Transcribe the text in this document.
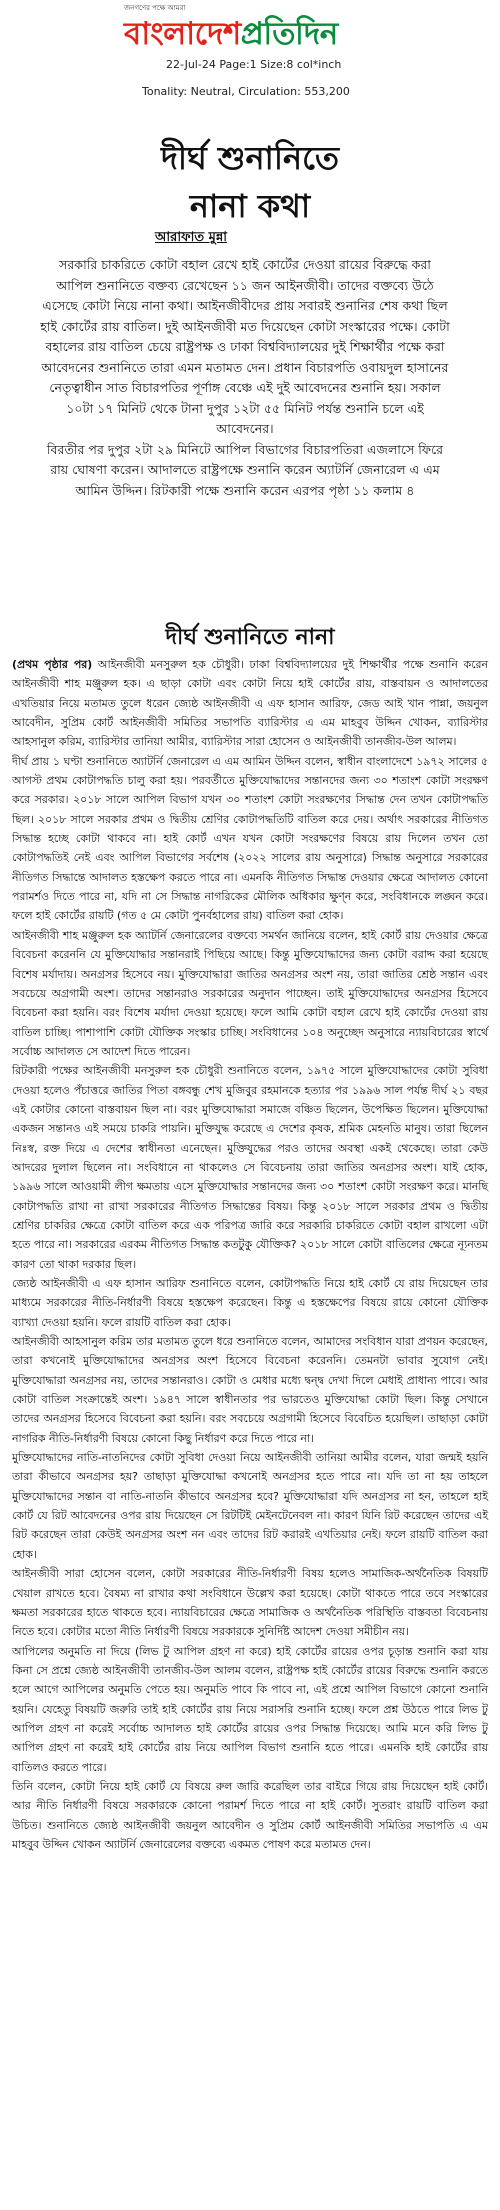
জনগণের পক্ষে আমরা
বাংলাদেশপ্রতিদিন
22-Jul-24 Page:1 Size:8 col*inch
Tonality: Neutral, Circulation: 553,200
দীর্ঘ শুনানিতে
নানা কথা
আরাফাত মুন্না

সরকারি চাকরিতে কোটা বহাল রেখে হাই কোর্টের দেওয়া রায়ের বিরুদ্ধে করা আপিল শুনানিতে বক্তব্য রেখেছেন ১১ জন আইনজীবী। তাদের বক্তব্যে উঠে এসেছে কোটা নিয়ে নানা কথা। আইনজীবীদের প্রায় সবারই শুনানির শেষ কথা ছিল হাই কোর্টের রায় বাতিল। দুই আইনজীবী মত দিয়েছেন কোটা সংস্কারের পক্ষে। কোটা বহালের রায় বাতিল চেয়ে রাষ্ট্রপক্ষ ও ঢাকা বিশ্ববিদ্যালয়ের দুই শিক্ষার্থীর পক্ষে করা আবেদনের শুনানিতে তারা এমন মতামত দেন। প্রধান বিচারপতি ওবায়দুল হাসানের নেতৃত্বাধীন সাত বিচারপতির পূর্ণাঙ্গ বেঞ্চে এই দুই আবেদনের শুনানি হয়। সকাল ১০টা ১৭ মিনিট থেকে টানা দুপুর ১২টা ৫৫ মিনিট পর্যন্ত শুনানি চলে এই আবেদনের।

বিরতীর পর দুপুর ২টা ২৯ মিনিটে আপিল বিভাগের বিচারপতিরা এজলাসে ফিরে রায় ঘোষণা করেন। আদালতে রাষ্ট্রপক্ষে শুনানি করেন অ্যাটর্নি জেনারেল এ এম আমিন উদ্দিন। রিটকারী পক্ষে শুনানি করেন এরপর পৃষ্ঠা ১১ কলাম ৪

দীর্ঘ শুনানিতে নানা

(প্রথম পৃষ্ঠার পর) আইনজীবী মনসুরুল হক চৌধুরী। ঢাকা বিশ্ববিদ্যালয়ের দুই শিক্ষার্থীর পক্ষে শুনানি করেন আইনজীবী শাহ মঞ্জুরুল হক। এ ছাড়া কোটা এবং কোটা নিয়ে হাই কোর্টের রায়, বাস্তবায়ন ও আদালতের এখতিয়ার নিয়ে মতামত তুলে ধরেন জ্যেষ্ঠ আইনজীবী এ এফ হাসান আরিফ, জেড আই খান পান্না, জয়নুল আবেদীন, সুপ্রিম কোর্ট আইনজীবী সমিতির সভাপতি ব্যারিস্টার এ এম মাহবুব উদ্দিন খোকন, ব্যারিস্টার আহসানুল করিম, ব্যারিস্টার তানিয়া আমীর, ব্যারিস্টার সারা হোসেন ও আইনজীবী তানজীব-উল আলম।

দীর্ঘ প্রায় ১ ঘণ্টা শুনানিতে অ্যাটর্নি জেনারেল এ এম আমিন উদ্দিন বলেন, স্বাধীন বাংলাদেশে ১৯৭২ সালের ৫ আগস্ট প্রথম কোটাপদ্ধতি চালু করা হয়। পরবর্তীতে মুক্তিযোদ্ধাদের সন্তানদের জন্য ৩০ শতাংশ কোটা সংরক্ষণ করে সরকার। ২০১৮ সালে আপিল বিভাগ যখন ৩০ শতাংশ কোটা সংরক্ষণের সিদ্ধান্ত দেন তখন কোটাপদ্ধতি ছিল। ২০১৮ সালে সরকার প্রথম ও দ্বিতীয় শ্রেণির কোটাপদ্ধতিটি বাতিল করে দেয়। অর্থাৎ সরকারের নীতিগত সিদ্ধান্ত হচ্ছে কোটা থাকবে না। হাই কোর্ট এখন যখন কোটা সংরক্ষণের বিষয়ে রায় দিলেন তখন তো কোটাপদ্ধতিই নেই এবং আপিল বিভাগের সর্বশেষ (২০২২ সালের রায় অনুসারে) সিদ্ধান্ত অনুসারে সরকারের নীতিগত সিদ্ধান্তে আদালত হস্তক্ষেপ করতে পারে না। এমনকি নীতিগত সিদ্ধান্ত দেওয়ার ক্ষেত্রে আদালত কোনো পরামর্শও দিতে পারে না, যদি না সে সিদ্ধান্ত নাগরিকের মৌলিক অধিকার ক্ষুণ্ন করে, সংবিধানকে লঙ্ঘন করে। ফলে হাই কোর্টের রায়টি (গত ৫ মে কোটা পুনর্বহালের রায়) বাতিল করা হোক।

আইনজীবী শাহ মঞ্জুরুল হক অ্যাটর্নি জেনারেলের বক্তব্যে সমর্থন জানিয়ে বলেন, হাই কোর্ট রায় দেওয়ার ক্ষেত্রে বিবেচনা করেননি যে মুক্তিযোদ্ধার সন্তানরাই পিছিয়ে আছে। কিন্তু মুক্তিযোদ্ধাদের জন্য কোটা বরাদ্দ করা হয়েছে বিশেষ মর্যাদায়। অনগ্রসর হিসেবে নয়। মুক্তিযোদ্ধারা জাতির অনগ্রসর অংশ নয়, তারা জাতির শ্রেষ্ঠ সন্তান এবং সবচেয়ে অগ্রগামী অংশ। তাদের সন্তানরাও সরকারের অনুদান পাচ্ছেন। তাই মুক্তিযোদ্ধাদের অনগ্রসর হিসেবে বিবেচনা করা হয়নি। বরং বিশেষ মর্যাদা দেওয়া হয়েছে। ফলে আমি কোটা বহাল রেখে হাই কোর্টের দেওয়া রায় বাতিল চাচ্ছি। পাশাপাশি কোটা যৌক্তিক সংস্কার চাচ্ছি। সংবিধানের ১০৪ অনুচ্ছেদ অনুসারে ন্যায়বিচারের স্বার্থে সর্বোচ্চ আদালত সে আদেশ দিতে পারেন।

রিটকারী পক্ষের আইনজীবী মনসুরুল হক চৌধুরী শুনানিতে বলেন, ১৯৭৫ সালে মুক্তিযোদ্ধাদের কোটা সুবিধা দেওয়া হলেও পঁচাত্তরে জাতির পিতা বঙ্গবন্ধু শেখ মুজিবুর রহমানকে হত্যার পর ১৯৯৬ সাল পর্যন্ত দীর্ঘ ২১ বছর এই কোটার কোনো বাস্তবায়ন ছিল না। বরং মুক্তিযোদ্ধারা সমাজে বঞ্চিত ছিলেন, উপেক্ষিত ছিলেন। মুক্তিযোদ্ধা একজন সন্তানও এই সময়ে চাকরি পায়নি। মুক্তিযুদ্ধ করেছে এ দেশের কৃষক, শ্রমিক মেহনতি মানুষ। তারা ছিলেন নিঃস্ব, রক্ত দিয়ে এ দেশের স্বাধীনতা এনেছেন। মুক্তিযুদ্ধের পরও তাদের অবস্থা একই থেকেছে। তারা কেউ আদরের দুলাল ছিলেন না। সংবিধানে না থাকলেও সে বিবেচনায় তারা জাতির অনগ্রসর অংশ। যাই হোক, ১৯৯৬ সালে আওয়ামী লীগ ক্ষমতায় এসে মুক্তিযোদ্ধার সন্তানদের জন্য ৩০ শতাংশ কোটা সংরক্ষণ করে। মানছি কোটাপদ্ধতি রাখা না রাখা সরকারের নীতিগত সিদ্ধান্তের বিষয়। কিন্তু ২০১৮ সালে সরকার প্রথম ও দ্বিতীয় শ্রেণির চাকরির ক্ষেত্রে কোটা বাতিল করে এক পরিপত্র জারি করে সরকারি চাকরিতে কোটা বহাল রাখলো এটা হতে পারে না। সরকারের এরকম নীতিগত সিদ্ধান্ত কতটুকু যৌক্তিক? ২০১৮ সালে কোটা বাতিলের ক্ষেত্রে ন্যূনতম কারণ তো থাকা দরকার ছিল।

জ্যেষ্ঠ আইনজীবী এ এফ হাসান আরিফ শুনানিতে বলেন, কোটাপদ্ধতি নিয়ে হাই কোর্ট যে রায় দিয়েছেন তার মাধ্যমে সরকারের নীতি-নির্ধারণী বিষয়ে হস্তক্ষেপ করেছেন। কিন্তু এ হস্তক্ষেপের বিষয়ে রায়ে কোনো যৌক্তিক ব্যাখ্যা দেওয়া হয়নি। ফলে রায়টি বাতিল করা হোক।

আইনজীবী আহসানুল করিম তার মতামত তুলে ধরে শুনানিতে বলেন, আমাদের সংবিধান যারা প্রণয়ন করেছেন, তারা কখনোই মুক্তিযোদ্ধাদের অনগ্রসর অংশ হিসেবে বিবেচনা করেননি। তেমনটা ভাবার সুযোগ নেই। মুক্তিযোদ্ধারা অনগ্রসর নয়, তাদের সন্তানরাও। কোটা ও মেধার মধ্যে দ্বন্দ্ব দেখা দিলে মেধাই প্রাধান্য পাবে। আর কোটা বাতিল সংক্রান্তেই অংশ। ১৯৪৭ সালে স্বাধীনতার পর ভারতেও মুক্তিযোদ্ধা কোটা ছিল। কিন্তু সেখানে তাদের অনগ্রসর হিসেবে বিবেচনা করা হয়নি। বরং সবচেয়ে অগ্রগামী হিসেবে বিবেচিত হয়েছিল। তাছাড়া কোটা নাগরিক নীতি-নির্ধারণী বিষয়ে কোনো কিছু নির্ধারণ করে দিতে পারে না।

মুক্তিযোদ্ধাদের নাতি-নাতনিদের কোটা সুবিধা দেওয়া নিয়ে আইনজীবী তানিয়া আমীর বলেন, যারা জন্মই হয়নি তারা কীভাবে অনগ্রসর হয়? তাছাড়া মুক্তিযোদ্ধা কখনোই অনগ্রসর হতে পারে না। যদি তা না হয় তাহলে মুক্তিযোদ্ধাদের সন্তান বা নাতি-নাতনি কীভাবে অনগ্রসর হবে? মুক্তিযোদ্ধারা যদি অনগ্রসর না হন, তাহলে হাই কোর্ট যে রিট আবেদনের ওপর রায় দিয়েছেন সে রিটটিই মেইনটেনেবল না। কারণ যিনি রিট করেছেন তাদের এই রিট করেছেন তারা কেউই অনগ্রসর অংশ নন এবং তাদের রিট করারই এখতিয়ার নেই। ফলে রায়টি বাতিল করা হোক।

আইনজীবী সারা হোসেন বলেন, কোটা সরকারের নীতি-নির্ধারণী বিষয় হলেও সামাজিক-অর্থনৈতিক বিষয়টি খেয়াল রাখতে হবে। বৈষম্য না রাখার কথা সংবিধানে উল্লেখ করা হয়েছে। কোটা থাকতে পারে তবে সংস্কারের ক্ষমতা সরকারের হাতে থাকতে হবে। ন্যায়বিচারের ক্ষেত্রে সামাজিক ও অর্থনৈতিক পরিস্থিতি বাস্তবতা বিবেচনায় নিতে হবে। কোটার মতো নীতি নির্ধারণী বিষয়ে সরকারকে সুনির্দিষ্ট আদেশ দেওয়া সমীচীন নয়।

আপিলের অনুমতি না দিয়ে (লিভ টু আপিল গ্রহণ না করে) হাই কোর্টের রায়ের ওপর চূড়ান্ত শুনানি করা যায় কিনা সে প্রশ্নে জ্যেষ্ঠ আইনজীবী তানজীব-উল আলম বলেন, রাষ্ট্রপক্ষ হাই কোর্টের রায়ের বিরুদ্ধে শুনানি করতে হলে আগে আপিলের অনুমতি পেতে হয়। অনুমতি পাবে কি পাবে না, এই প্রশ্নে আপিল বিভাগে কোনো শুনানি হয়নি। যেহেতু বিষয়টি জরুরি তাই হাই কোর্টের রায় নিয়ে সরাসরি শুনানি হচ্ছে। ফলে প্রশ্ন উঠতে পারে লিভ টু আপিল গ্রহণ না করেই সর্বোচ্চ আদালত হাই কোর্টের রায়ের ওপর সিদ্ধান্ত দিয়েছে। আমি মনে করি লিভ টু আপিল গ্রহণ না করেই হাই কোর্টের রায় নিয়ে আপিল বিভাগ শুনানি হতে পারে। এমনকি হাই কোর্টের রায় বাতিলও করতে পারে।

তিনি বলেন, কোটা নিয়ে হাই কোর্ট যে বিষয়ে রুল জারি করেছিল তার বাইরে গিয়ে রায় দিয়েছেন হাই কোর্ট। আর নীতি নির্ধারণী বিষয়ে সরকারকে কোনো পরামর্শ দিতে পারে না হাই কোর্ট। সুতরাং রায়টি বাতিল করা উচিত। শুনানিতে জ্যেষ্ঠ আইনজীবী জয়নুল আবেদীন ও সুপ্রিম কোর্ট আইনজীবী সমিতির সভাপতি এ এম মাহবুব উদ্দিন খোকন অ্যাটর্নি জেনারেলের বক্তব্যে একমত পোষণ করে মতামত দেন।
